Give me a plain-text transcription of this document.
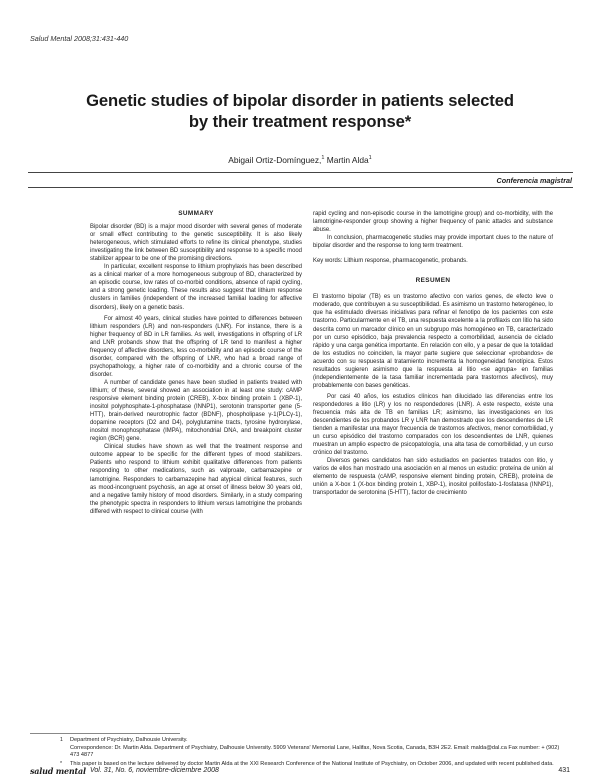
Salud Mental 2008;31:431-440
Genetic studies of bipolar disorder in patients selected
by their treatment response*
Abigail Ortiz-Domínguez,$^1$ Martin Alda$^1$
Conferencia magistral
SUMMARY

Bipolar disorder (BD) is a major mood disorder with several genes of moderate or small effect contributing to the genetic susceptibility. It is also likely heterogeneous, which stimulated efforts to refine its clinical phenotype, studies investigating the link between BD susceptibility and response to a specific mood stabilizer appear to be one of the promising directions.

In particular, excellent response to lithium prophylaxis has been described as a clinical marker of a more homogeneous subgroup of BD, characterized by an episodic course, low rates of co-morbid conditions, absence of rapid cycling, and a strong genetic loading. These results also suggest that lithium response clusters in families (independent of the increased familial loading for affective disorders), likely on a genetic basis.

For almost 40 years, clinical studies have pointed to differences between lithium responders (LR) and non-responders (LNR). For instance, there is a higher frequency of BD in LR families. As well, investigations in offspring of LR and LNR probands show that the offspring of LR tend to manifest a higher frequency of affective disorders, less co-morbidity and an episodic course of the disorder, compared with the offspring of LNR, who had a broad range of psychopathology, a higher rate of co-morbidity and a chronic course of the disorder.

A number of candidate genes have been studied in patients treated with lithium; of these, several showed an association in at least one study: cAMP responsive element binding protein (CREB), X-box binding protein 1 (XBP-1), inositol polyphosphate-1-phosphatase (INNP1), serotonin transporter gene (5-HTT), brain-derived neurotrophic factor (BDNF), phospholipase γ-1(PLCγ-1), dopamine receptors (D2 and D4), polyglutamine tracts, tyrosine hydroxylase, inositol monophosphatase (IMPA), mitochondrial DNA, and breakpoint cluster region (BCR) gene.

Clinical studies have shown as well that the treatment response and outcome appear to be specific for the different types of mood stabilizers. Patients who respond to lithium exhibit qualitative differences from patients responding to other medications, such as valproate, carbamazepine or lamotrigine. Responders to carbamazepine had atypical clinical features, such as mood-incongruent psychosis, an age at onset of illness below 30 years old, and a negative family history of mood disorders. Similarly, in a study comparing the phenotypic spectra in responders to lithium versus lamotrigine the probands differed with respect to clinical course (with

rapid cycling and non-episodic course in the lamotrigine group) and co-morbidity, with the lamotrigine-responder group showing a higher frequency of panic attacks and substance abuse.

In conclusion, pharmacogenetic studies may provide important clues to the nature of bipolar disorder and the response to long term treatment.

Key words: Lithium response, pharmacogenetic, probands.

RESUMEN

El trastorno bipolar (TB) es un trastorno afectivo con varios genes, de efecto leve o moderado, que contribuyen a su susceptibilidad. Es asimismo un trastorno heterogéneo, lo que ha estimulado diversas iniciativas para refinar el fenotipo de los pacientes con este trastorno. Particularmente en el TB, una respuesta excelente a la profilaxis con litio ha sido descrita como un marcador clínico en un subgrupo más homogéneo en TB, caracterizado por un curso episódico, baja prevalencia respecto a comorbilidad, ausencia de ciclado rápido y una carga genética importante. En relación con ello, y a pesar de que la totalidad de los estudios no coinciden, la mayor parte sugiere que seleccionar «probandos» de acuerdo con su respuesta al tratamiento incrementa la homogeneidad fenotípica. Estos resultados sugieren asimismo que la respuesta al litio «se agrupa» en familias (independientemente de la tasa familiar incrementada para trastornos afectivos), muy probablemente con bases genéticas.

Por casi 40 años, los estudios clínicos han dilucidado las diferencias entre los respondedores a litio (LR) y los no respondedores (LNR). A este respecto, existe una frecuencia más alta de TB en familias LR; asimismo, las investigaciones en los descendientes de los probandos LR y LNR han demostrado que los descendientes de LR tienden a manifestar una mayor frecuencia de trastornos afectivos, menor comorbilidad, y un curso episódico del trastorno comparados con los descendientes de LNR, quienes muestran un amplio espectro de psicopatología, una alta tasa de comorbilidad, y un curso crónico del trastorno.

Diversos genes candidatos han sido estudiados en pacientes tratados con litio, y varios de ellos han mostrado una asociación en al menos un estudio: proteína de unión al elemento de respuesta (cAMP, responsive element binding protein, CREB), proteína de unión a X-box 1 (X-box binding protein 1, XBP-1), inositol polifosfato-1-fosfatasa (INNP1), transportador de serotonina (5-HTT), factor de crecimiento

1 Department of Psychiatry, Dalhousie University.
Correspondence: Dr. Martin Alda. Department of Psychiatry, Dalhousie University. 5909 Veterans' Memorial Lane, Halifax, Nova Scotia, Canada, B3H 2E2. Email: malda@dal.ca Fax number: + (902) 473 4877
* This paper is based on the lecture delivered by doctor Martin Alda at the XXI Research Conference of the National Institute of Psychiatry, on October 2006, and updated with recent published data.
salud mental Vol. 31, No. 6, noviembre-diciembre 2008	431
